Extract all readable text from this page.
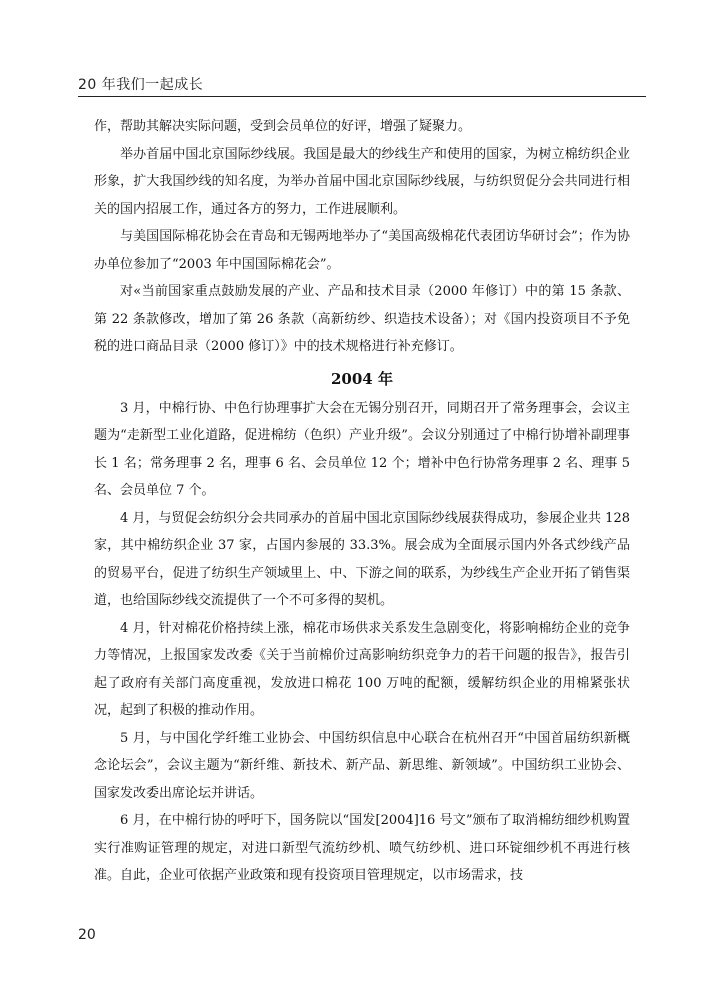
20 年我们一起成长

作，帮助其解决实际问题，受到会员单位的好评，增强了疑聚力。

举办首届中国北京国际纱线展。我国是最大的纱线生产和使用的国家，为树立棉纺织企业形象，扩大我国纱线的知名度，为举办首届中国北京国际纱线展，与纺织贸促分会共同进行相关的国内招展工作，通过各方的努力，工作进展顺利。

与美国国际棉花协会在青岛和无锡两地举办了“美国高级棉花代表团访华研讨会”；作为协办单位参加了“2003 年中国国际棉花会”。

对«当前国家重点鼓励发展的产业、产品和技术目录（2000 年修订）中的第 15 条款、第 22 条款修改，增加了第 26 条款（高新纺纱、织造技术设备）；对《国内投资项目不予免税的进口商品目录（2000 修订）》中的技术规格进行补充修订。

2004 年

3 月，中棉行协、中色行协理事扩大会在无锡分别召开，同期召开了常务理事会，会议主题为“走新型工业化道路，促进棉纺（色织）产业升级”。会议分别通过了中棉行协增补副理事长 1 名；常务理事 2 名，理事 6 名、会员单位 12 个；增补中色行协常务理事 2 名、理事 5 名、会员单位 7 个。

4 月，与贸促会纺织分会共同承办的首届中国北京国际纱线展获得成功，参展企业共 128 家，其中棉纺织企业 37 家，占国内参展的 33.3%。展会成为全面展示国内外各式纱线产品的贸易平台，促进了纺织生产领域里上、中、下游之间的联系，为纱线生产企业开拓了销售渠道，也给国际纱线交流提供了一个不可多得的契机。

4 月，针对棉花价格持续上涨，棉花市场供求关系发生急剧变化，将影响棉纺企业的竞争力等情况，上报国家发改委《关于当前棉价过高影响纺织竞争力的若干问题的报告》，报告引起了政府有关部门高度重视，发放进口棉花 100 万吨的配额，缓解纺织企业的用棉紧张状况，起到了积极的推动作用。

5 月，与中国化学纤维工业协会、中国纺织信息中心联合在杭州召开“中国首届纺织新概念论坛会”，会议主题为“新纤维、新技术、新产品、新思维、新领域”。中国纺织工业协会、国家发改委出席论坛并讲话。

6 月，在中棉行协的呼吁下，国务院以“国发[2004]16 号文”颁布了取消棉纺细纱机购置实行准购证管理的规定，对进口新型气流纺纱机、喷气纺纱机、进口环锭细纱机不再进行核准。自此，企业可依据产业政策和现有投资项目管理规定，以市场需求，技

20
